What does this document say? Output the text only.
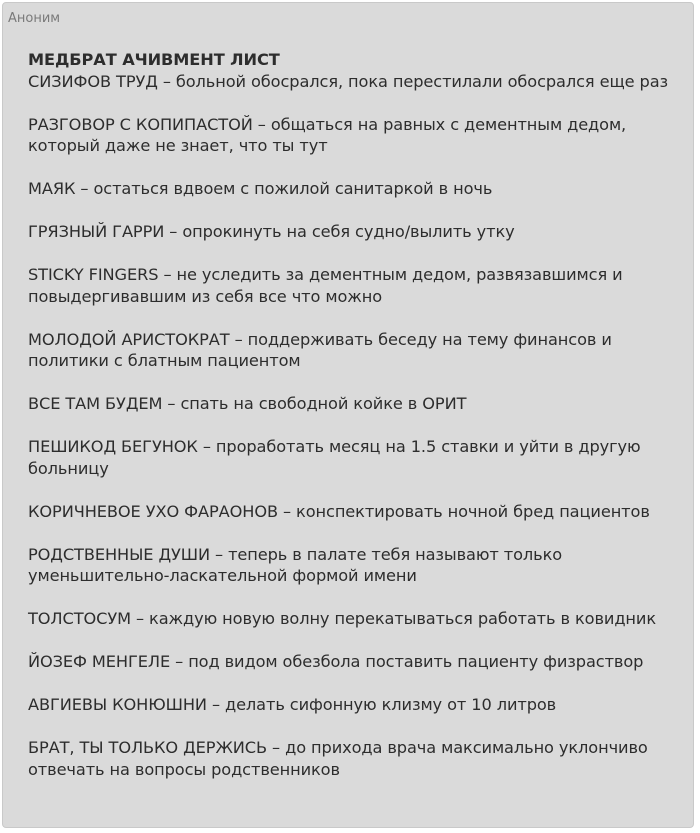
Аноним

МЕДБРАТ АЧИВМЕНТ ЛИСТ

СИЗИФОВ ТРУД – больной обосрался, пока перестилали обосрался еще раз

РАЗГОВОР С КОПИПАСТОЙ – общаться на равных с дементным дедом, который даже не знает, что ты тут

МАЯК – остаться вдвоем с пожилой санитаркой в ночь

ГРЯЗНЫЙ ГАРРИ – опрокинуть на себя судно/вылить утку

STICKY FINGERS – не уследить за дементным дедом, развязавшимся и повыдергивавшим из себя все что можно

МОЛОДОЙ АРИСТОКРАТ – поддерживать беседу на тему финансов и политики с блатным пациентом

ВСЕ ТАМ БУДЕМ – спать на свободной койке в ОРИТ

ПЕШИКОД БЕГУНОК – проработать месяц на 1.5 ставки и уйти в другую больницу

КОРИЧНЕВОЕ УХО ФАРАОНОВ – конспектировать ночной бред пациентов

РОДСТВЕННЫЕ ДУШИ – теперь в палате тебя называют только уменьшительно-ласкательной формой имени

ТОЛСТОСУМ – каждую новую волну перекатываться работать в ковидник

ЙОЗЕФ МЕНГЕЛЕ – под видом обезбола поставить пациенту физраствор

АВГИЕВЫ КОНЮШНИ – делать сифонную клизму от 10 литров

БРАТ, ТЫ ТОЛЬКО ДЕРЖИСЬ – до прихода врача максимально уклончиво отвечать на вопросы родственников
